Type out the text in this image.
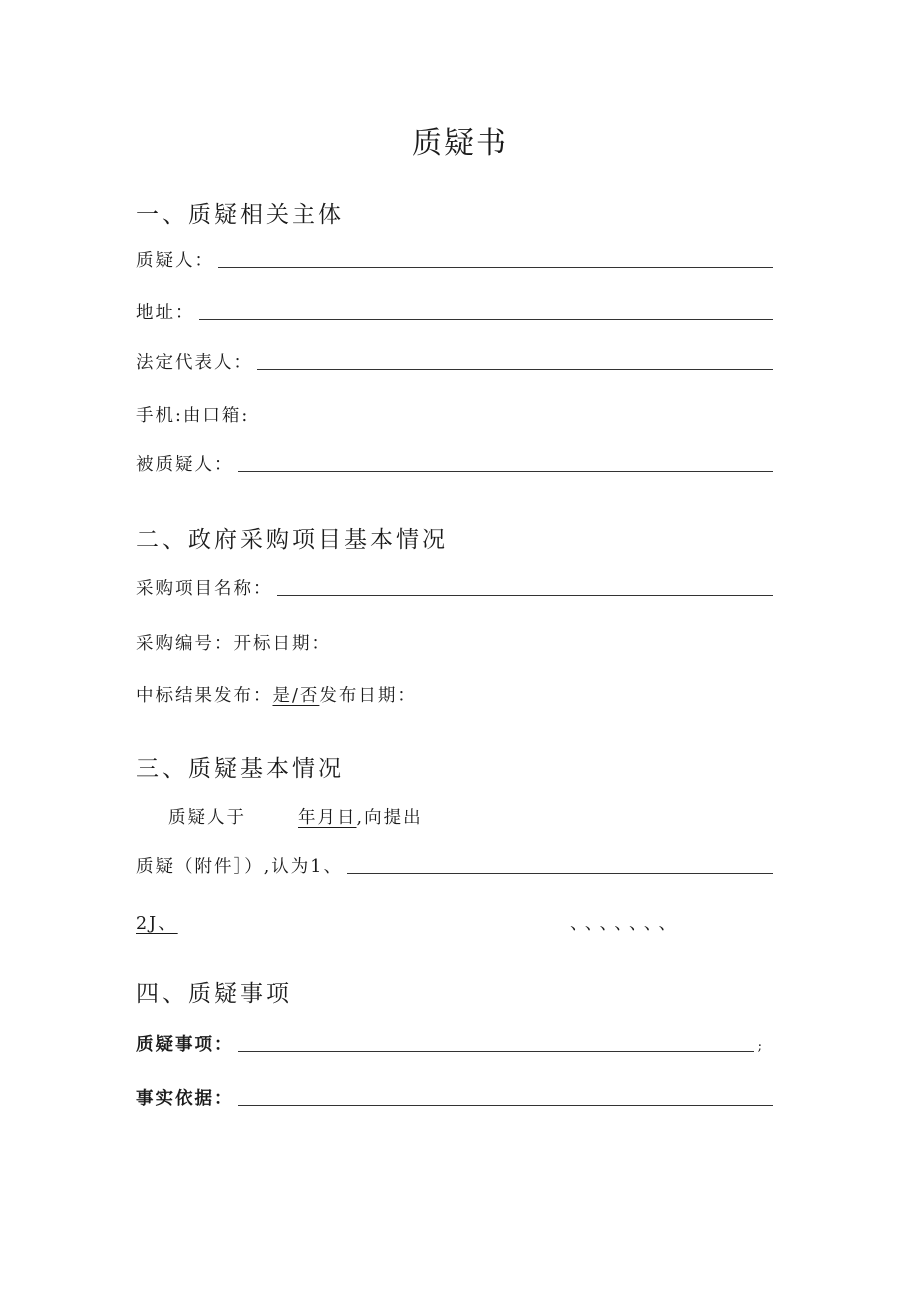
质疑书
一、质疑相关主体
质疑人：
地址：
法定代表人：
手机:由口箱:
被质疑人：
二、政府采购项目基本情况
采购项目名称：
采购编号：开标日期：
中标结果发布：是/否发布日期：
三、质疑基本情况
质疑人于	年月日,向提出
质疑（附件］）,认为1、
2J、	、、、、、、、
四、质疑事项
质疑事项：	;
事实依据：
